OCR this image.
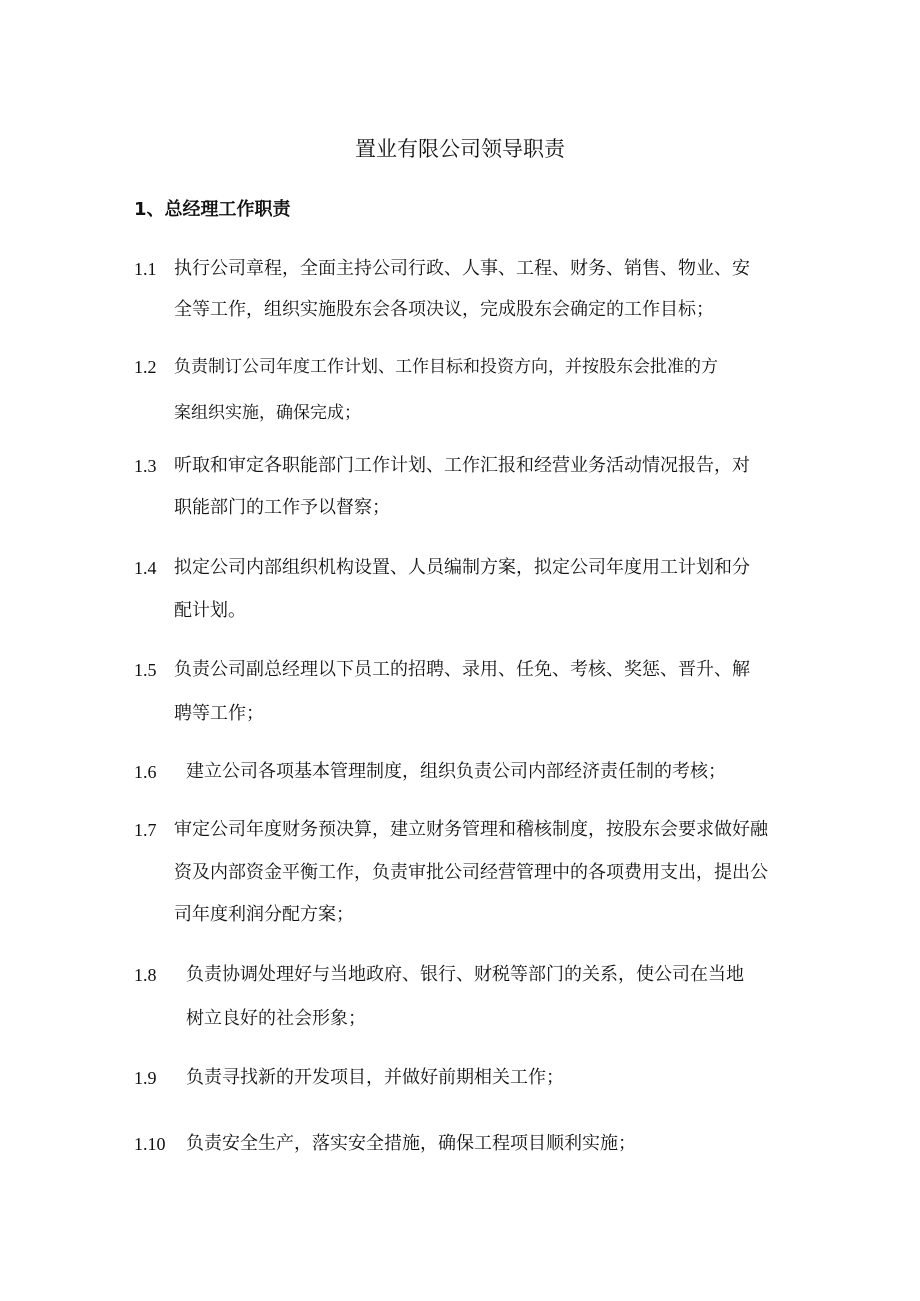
置业有限公司领导职责
1、总经理工作职责
1.1 执行公司章程，全面主持公司行政、人事、工程、财务、销售、物业、安
全等工作，组织实施股东会各项决议，完成股东会确定的工作目标；
1.2 负责制订公司年度工作计划、工作目标和投资方向，并按股东会批准的方
案组织实施，确保完成；
1.3 听取和审定各职能部门工作计划、工作汇报和经营业务活动情况报告，对
职能部门的工作予以督察；
1.4 拟定公司内部组织机构设置、人员编制方案，拟定公司年度用工计划和分
配计划。
1.5 负责公司副总经理以下员工的招聘、录用、任免、考核、奖惩、晋升、解
聘等工作；
1.6 建立公司各项基本管理制度，组织负责公司内部经济责任制的考核；
1.7 审定公司年度财务预决算，建立财务管理和稽核制度，按股东会要求做好融
资及内部资金平衡工作，负责审批公司经营管理中的各项费用支出，提出公
司年度利润分配方案；
1.8 负责协调处理好与当地政府、银行、财税等部门的关系，使公司在当地
树立良好的社会形象；
1.9 负责寻找新的开发项目，并做好前期相关工作；
1.10 负责安全生产，落实安全措施，确保工程项目顺利实施；
